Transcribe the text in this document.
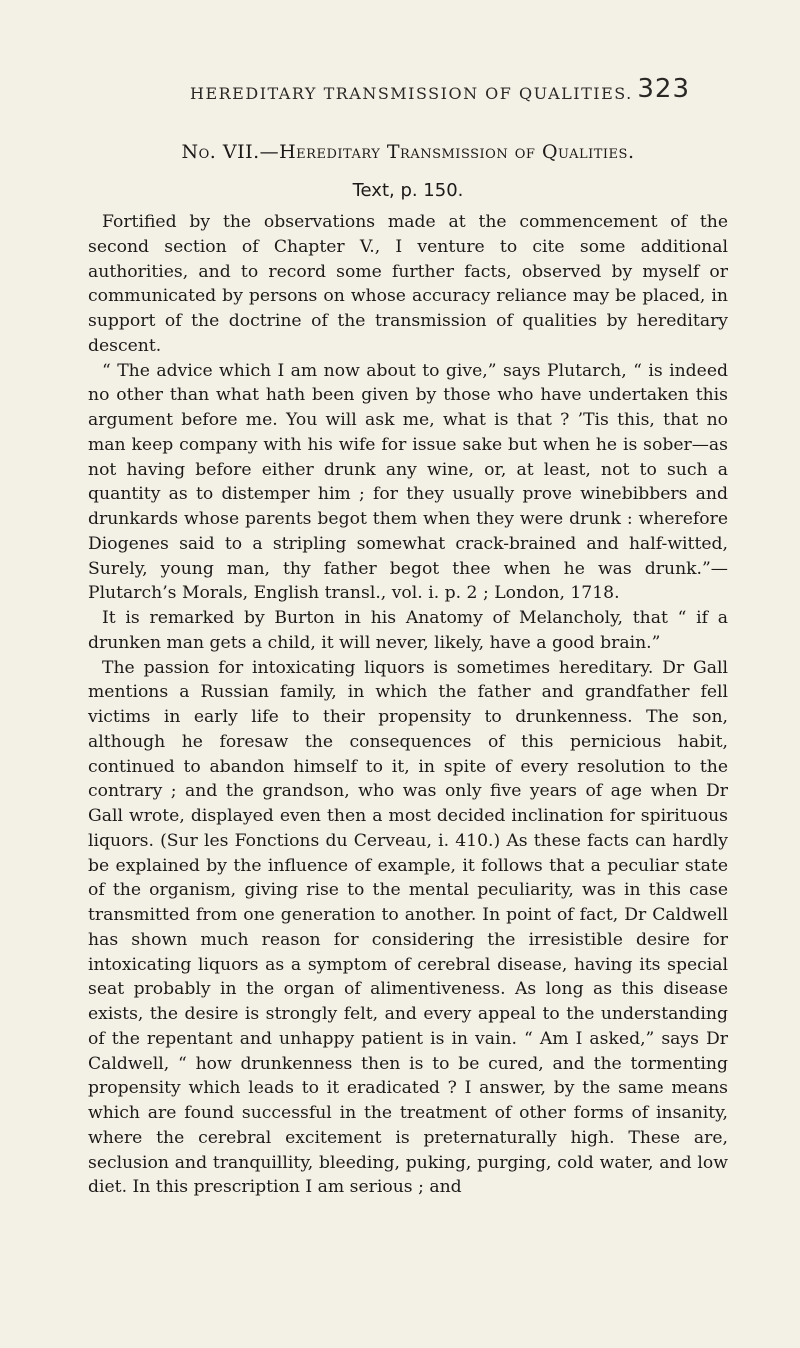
HEREDITARY TRANSMISSION OF QUALITIES. 323
No. VII.—Hereditary Transmission of Qualities.
Text, p. 150.

Fortified by the observations made at the commencement of the second section of Chapter V., I venture to cite some additional authorities, and to record some further facts, observed by myself or communicated by persons on whose accuracy reliance may be placed, in support of the doctrine of the transmission of qualities by hereditary descent.

“ The advice which I am now about to give,” says Plutarch, “ is indeed no other than what hath been given by those who have undertaken this argument before me. You will ask me, what is that ? ’Tis this, that no man keep company with his wife for issue sake but when he is sober—as not having before either drunk any wine, or, at least, not to such a quantity as to distemper him ; for they usually prove winebibbers and drunkards whose parents begot them when they were drunk : wherefore Diogenes said to a stripling somewhat crack-brained and half-witted, Surely, young man, thy father begot thee when he was drunk.”—Plutarch’s Morals, English transl., vol. i. p. 2 ; London, 1718.

It is remarked by Burton in his Anatomy of Melancholy, that “ if a drunken man gets a child, it will never, likely, have a good brain.”

The passion for intoxicating liquors is sometimes hereditary. Dr Gall mentions a Russian family, in which the father and grandfather fell victims in early life to their propensity to drunkenness. The son, although he foresaw the consequences of this pernicious habit, continued to abandon himself to it, in spite of every resolution to the contrary ; and the grandson, who was only five years of age when Dr Gall wrote, displayed even then a most decided inclination for spirituous liquors. (Sur les Fonctions du Cerveau, i. 410.) As these facts can hardly be explained by the influence of example, it follows that a peculiar state of the organism, giving rise to the mental peculiarity, was in this case transmitted from one generation to another. In point of fact, Dr Caldwell has shown much reason for considering the irresistible desire for intoxicating liquors as a symptom of cerebral disease, having its special seat probably in the organ of alimentiveness. As long as this disease exists, the desire is strongly felt, and every appeal to the understanding of the repentant and unhappy patient is in vain. “ Am I asked,” says Dr Caldwell, “ how drunkenness then is to be cured, and the tormenting propensity which leads to it eradicated ? I answer, by the same means which are found successful in the treatment of other forms of insanity, where the cerebral excitement is preternaturally high. These are, seclusion and tranquillity, bleeding, puking, purging, cold water, and low diet. In this prescription I am serious ; and
